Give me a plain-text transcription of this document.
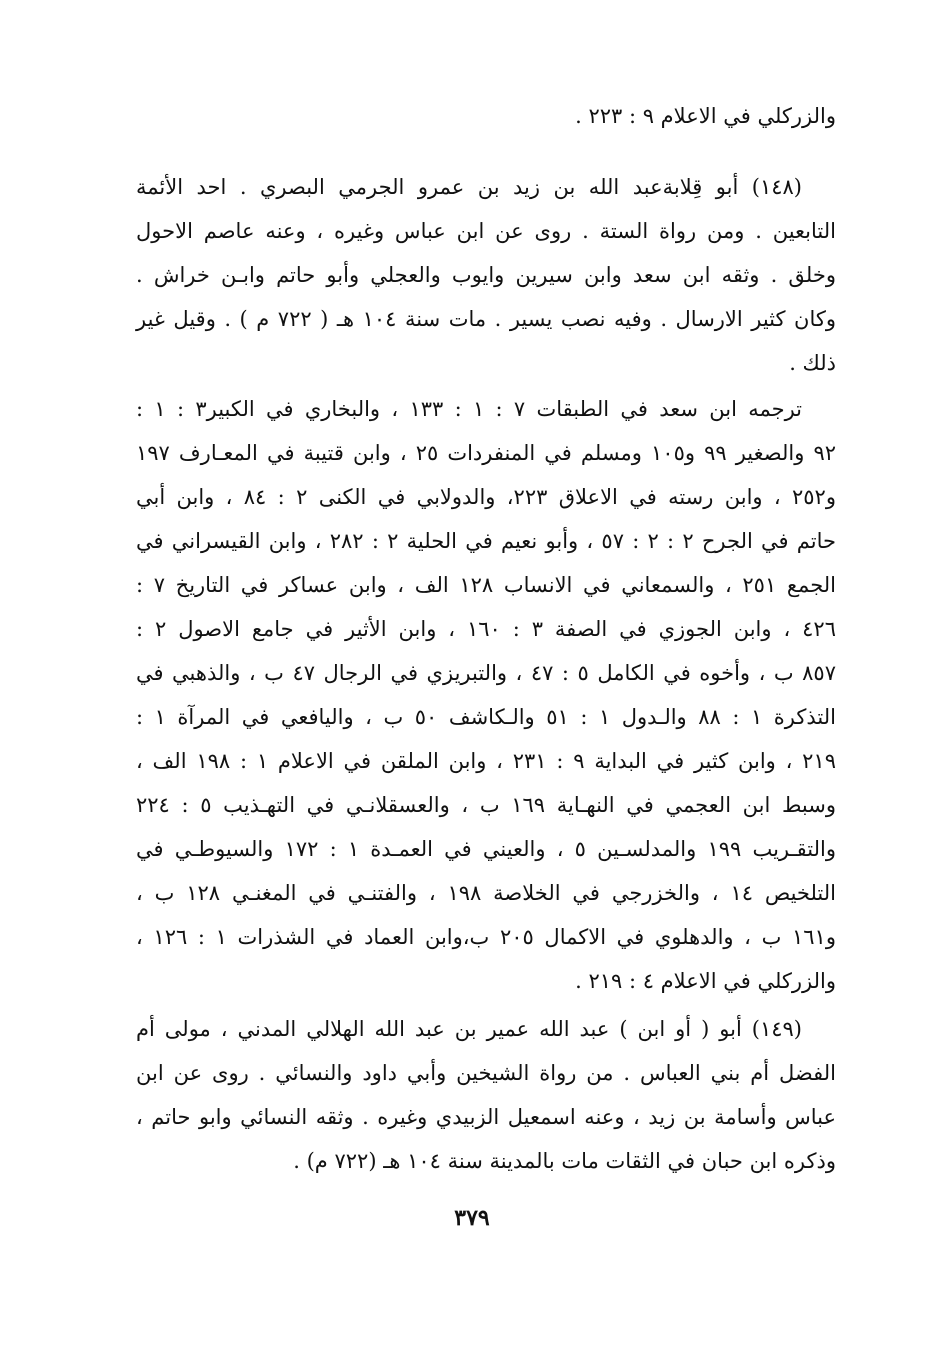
والزركلي في الاعلام ٩ : ٢٢٣ .
(١٤٨) أبو قِلابةعبد الله بن زيد بن عمرو الجرمي البصري . احد الأئمة
التابعين . ومن رواة الستة . روى عن ابن عباس وغيره ، وعنه عاصم الاحول
وخلق . وثقه ابن سعد وابن سيرين وايوب والعجلي وأبو حاتم وابـن خراش .
وكان كثير الارسال . وفيه نصب يسير . مات سنة ١٠٤ هـ ( ٧٢٢ م ) . وقيل غير
ذلك .
ترجمه ابن سعد في الطبقات ٧ : ١ : ١٣٣ ، والبخاري في الكبير٣ : ١ :
٩٢ والصغير ٩٩ و١٠٥ ومسلم في المنفردات ٢٥ ، وابن قتيبة في المعـارف ١٩٧
و٢٥٢ ، وابن رسته في الاعلاق ٢٢٣، والدولابي في الكنى ٢ : ٨٤ ، وابن أبي
حاتم في الجرح ٢ : ٢ : ٥٧ ، وأبو نعيم في الحلية ٢ : ٢٨٢ ، وابن القيسراني في
الجمع ٢٥١ ، والسمعاني في الانساب ١٢٨ الف ، وابن عساكر في التاريخ ٧ :
٤٢٦ ، وابن الجوزي في الصفة ٣ : ١٦٠ ، وابن الأثير في جامع الاصول ٢ :
٨٥٧ ب ، وأخوه في الكامل ٥ : ٤٧ ، والتبريزي في الرجال ٤٧ ب ، والذهبي في
التذكرة ١ : ٨٨ والـدول ١ : ٥١ والـكاشف ٥٠ ب ، واليافعي في المرآة ١ :
٢١٩ ، وابن كثير في البداية ٩ : ٢٣١ ، وابن الملقن في الاعلام ١ : ١٩٨ الف ،
وسبط ابن العجمي في النهـاية ١٦٩ ب ، والعسقلانـي في التهـذيب ٥ : ٢٢٤
والتقـريب ١٩٩ والمدلسـين ٥ ، والعيني في العمـدة ١ : ١٧٢ والسيوطـي في
التلخيص ١٤ ، والخزرجي في الخلاصة ١٩٨ ، والفتنـي في المغنـي ١٢٨ ب ،
و١٦١ ب ، والدهلوي في الاكمال ٢٠٥ ب،وابن العماد في الشذرات ١ : ١٢٦ ،
والزركلي في الاعلام ٤ : ٢١٩ .
(١٤٩) أبو ( أو ابن ) عبد الله عمير بن عبد الله الهلالي المدني ، مولى أم
الفضل أم بني العباس . من رواة الشيخين وأبي داود والنسائي . روى عن ابن
عباس وأسامة بن زيد ، وعنه اسمعيل الزبيدي وغيره . وثقه النسائي وابو حاتم ،
وذكره ابن حبان في الثقات مات بالمدينة سنة ١٠٤ هـ (٧٢٢ م) .
٣٧٩
